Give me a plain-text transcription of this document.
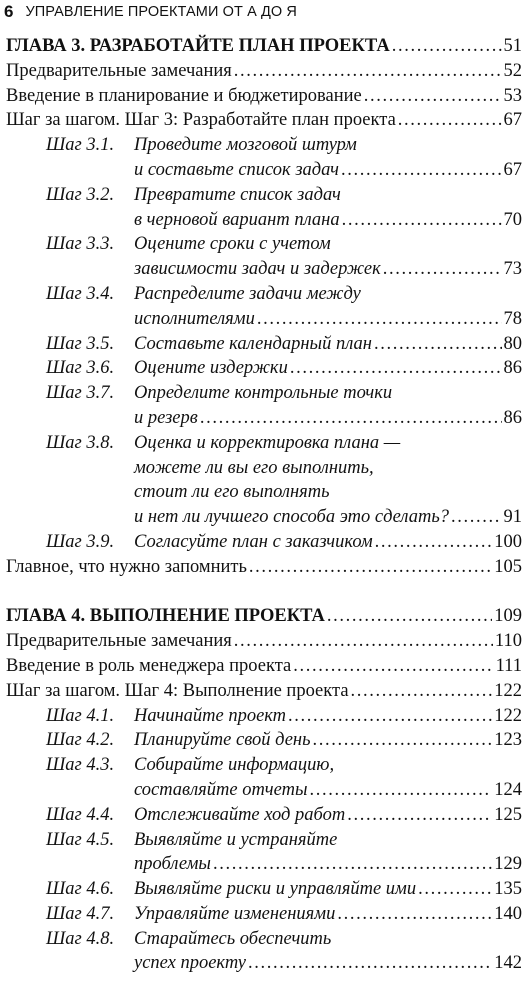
6 УПРАВЛЕНИЕ ПРОЕКТАМИ ОТ А ДО Я
ГЛАВА 3. РАЗРАБОТАЙТЕ ПЛАН ПРОЕКТА . . .	51
Предварительные замечания . . .	52
Введение в планирование и бюджетирование . . .	53
Шаг за шагом. Шаг 3: Разработайте план проекта . . .	67
Шаг 3.1.	Проведите мозговой штурм
и составьте список задач . . .	67
Шаг 3.2.	Превратите список задач
в черновой вариант плана . . .	70
Шаг 3.3.	Оцените сроки с учетом
зависимости задач и задержек . . .	73
Шаг 3.4.	Распределите задачи между
исполнителями . . .	78
Шаг 3.5.	Составьте календарный план . . .	80
Шаг 3.6.	Оцените издержки . . .	86
Шаг 3.7.	Определите контрольные точки
и резерв . . .	86
Шаг 3.8.	Оценка и корректировка плана —
можете ли вы его выполнить,
стоит ли его выполнять
и нет ли лучшего способа это сделать? . . .	91
Шаг 3.9.	Согласуйте план с заказчиком . . .	100
Главное, что нужно запомнить . . .	105
ГЛАВА 4. ВЫПОЛНЕНИЕ ПРОЕКТА . . .	109
Предварительные замечания . . .	110
Введение в роль менеджера проекта . . .	111
Шаг за шагом. Шаг 4: Выполнение проекта . . .	122
Шаг 4.1.	Начинайте проект . . .	122
Шаг 4.2.	Планируйте свой день . . .	123
Шаг 4.3.	Собирайте информацию,
составляйте отчеты . . .	124
Шаг 4.4.	Отслеживайте ход работ . . .	125
Шаг 4.5.	Выявляйте и устраняйте
проблемы . . .	129
Шаг 4.6.	Выявляйте риски и управляйте ими . . .	135
Шаг 4.7.	Управляйте изменениями . . .	140
Шаг 4.8.	Старайтесь обеспечить
успех проекту . . .	142
